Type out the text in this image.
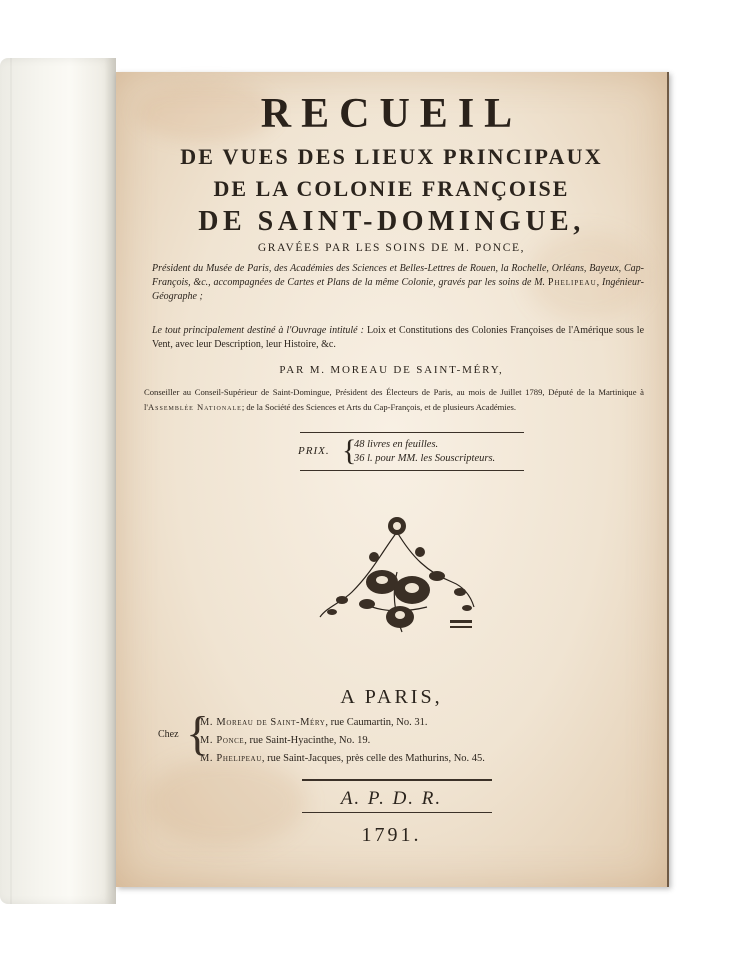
RECUEIL
DE VUES DES LIEUX PRINCIPAUX
DE LA COLONIE FRANÇOISE
DE SAINT-DOMINGUE,
GRAVÉES PAR LES SOINS DE M. PONCE,
Président du Musée de Paris, des Académies des Sciences et Belles-Lettres de Rouen, la Rochelle, Orléans, Bayeux, Cap-François, &c., accompagnées de Cartes et Plans de la même Colonie, gravés par les soins de M. Phelipeau, Ingénieur-Géographe ;
Le tout principalement destiné à l'Ouvrage intitulé : Loix et Constitutions des Colonies Françoises de l'Amérique sous le Vent, avec leur Description, leur Histoire, &c.
PAR M. MOREAU DE SAINT-MÉRY,
Conseiller au Conseil-Supérieur de Saint-Domingue, Président des Électeurs de Paris, au mois de Juillet 1789, Député de la Martinique à l'Assemblée Nationale; de la Société des Sciences et Arts du Cap-François, et de plusieurs Académies.
PRIX. {
48 livres en feuilles.
36 l. pour MM. les Souscripteurs.
A PARIS,
Chez {
M. Moreau de Saint-Méry, rue Caumartin, No. 31.
M. Ponce, rue Saint-Hyacinthe, No. 19.
M. Phelipeau, rue Saint-Jacques, près celle des Mathurins, No. 45.
A. P. D. R.
1791.
